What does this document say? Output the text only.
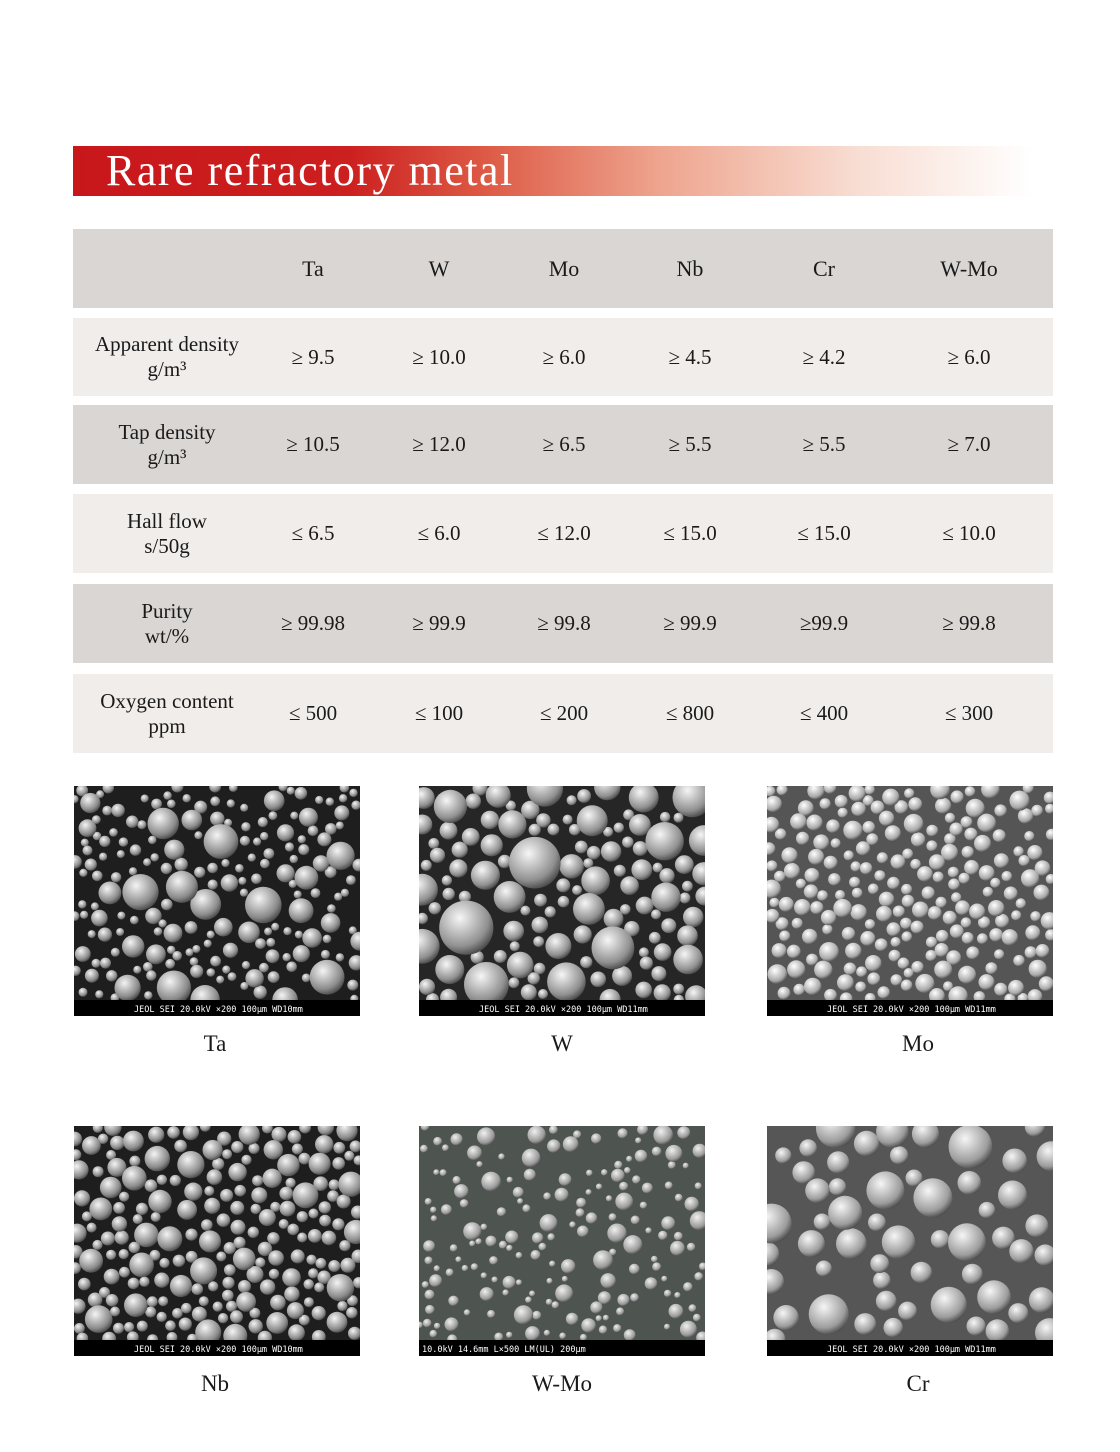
Rare refractory metal
Ta	W	Mo	Nb	Cr	W-Mo
Apparent density
g/m³
≥ 9.5	≥ 10.0	≥ 6.0	≥ 4.5	≥ 4.2	≥ 6.0
Tap density
g/m³
≥ 10.5	≥ 12.0	≥ 6.5	≥ 5.5	≥ 5.5	≥ 7.0
Hall flow
s/50g
≤ 6.5	≤ 6.0	≤ 12.0	≤ 15.0	≤ 15.0	≤ 10.0
Purity
wt/%
≥ 99.98	≥ 99.9	≥ 99.8	≥ 99.9	≥99.9	≥ 99.8
Oxygen content
ppm
≤ 500	≤ 100	≤ 200	≤ 800	≤ 400	≤ 300
JEOL SEI 20.0kV ×200 100µm WD10mm	JEOL SEI 20.0kV ×200 100µm WD11mm	JEOL SEI 20.0kV ×200 100µm WD11mm
JEOL SEI 20.0kV ×200 100µm WD10mm	10.0kV 14.6mm L×500 LM(UL) 200µm	JEOL SEI 20.0kV ×200 100µm WD11mm
Ta	W	Mo
Nb	W-Mo	Cr
